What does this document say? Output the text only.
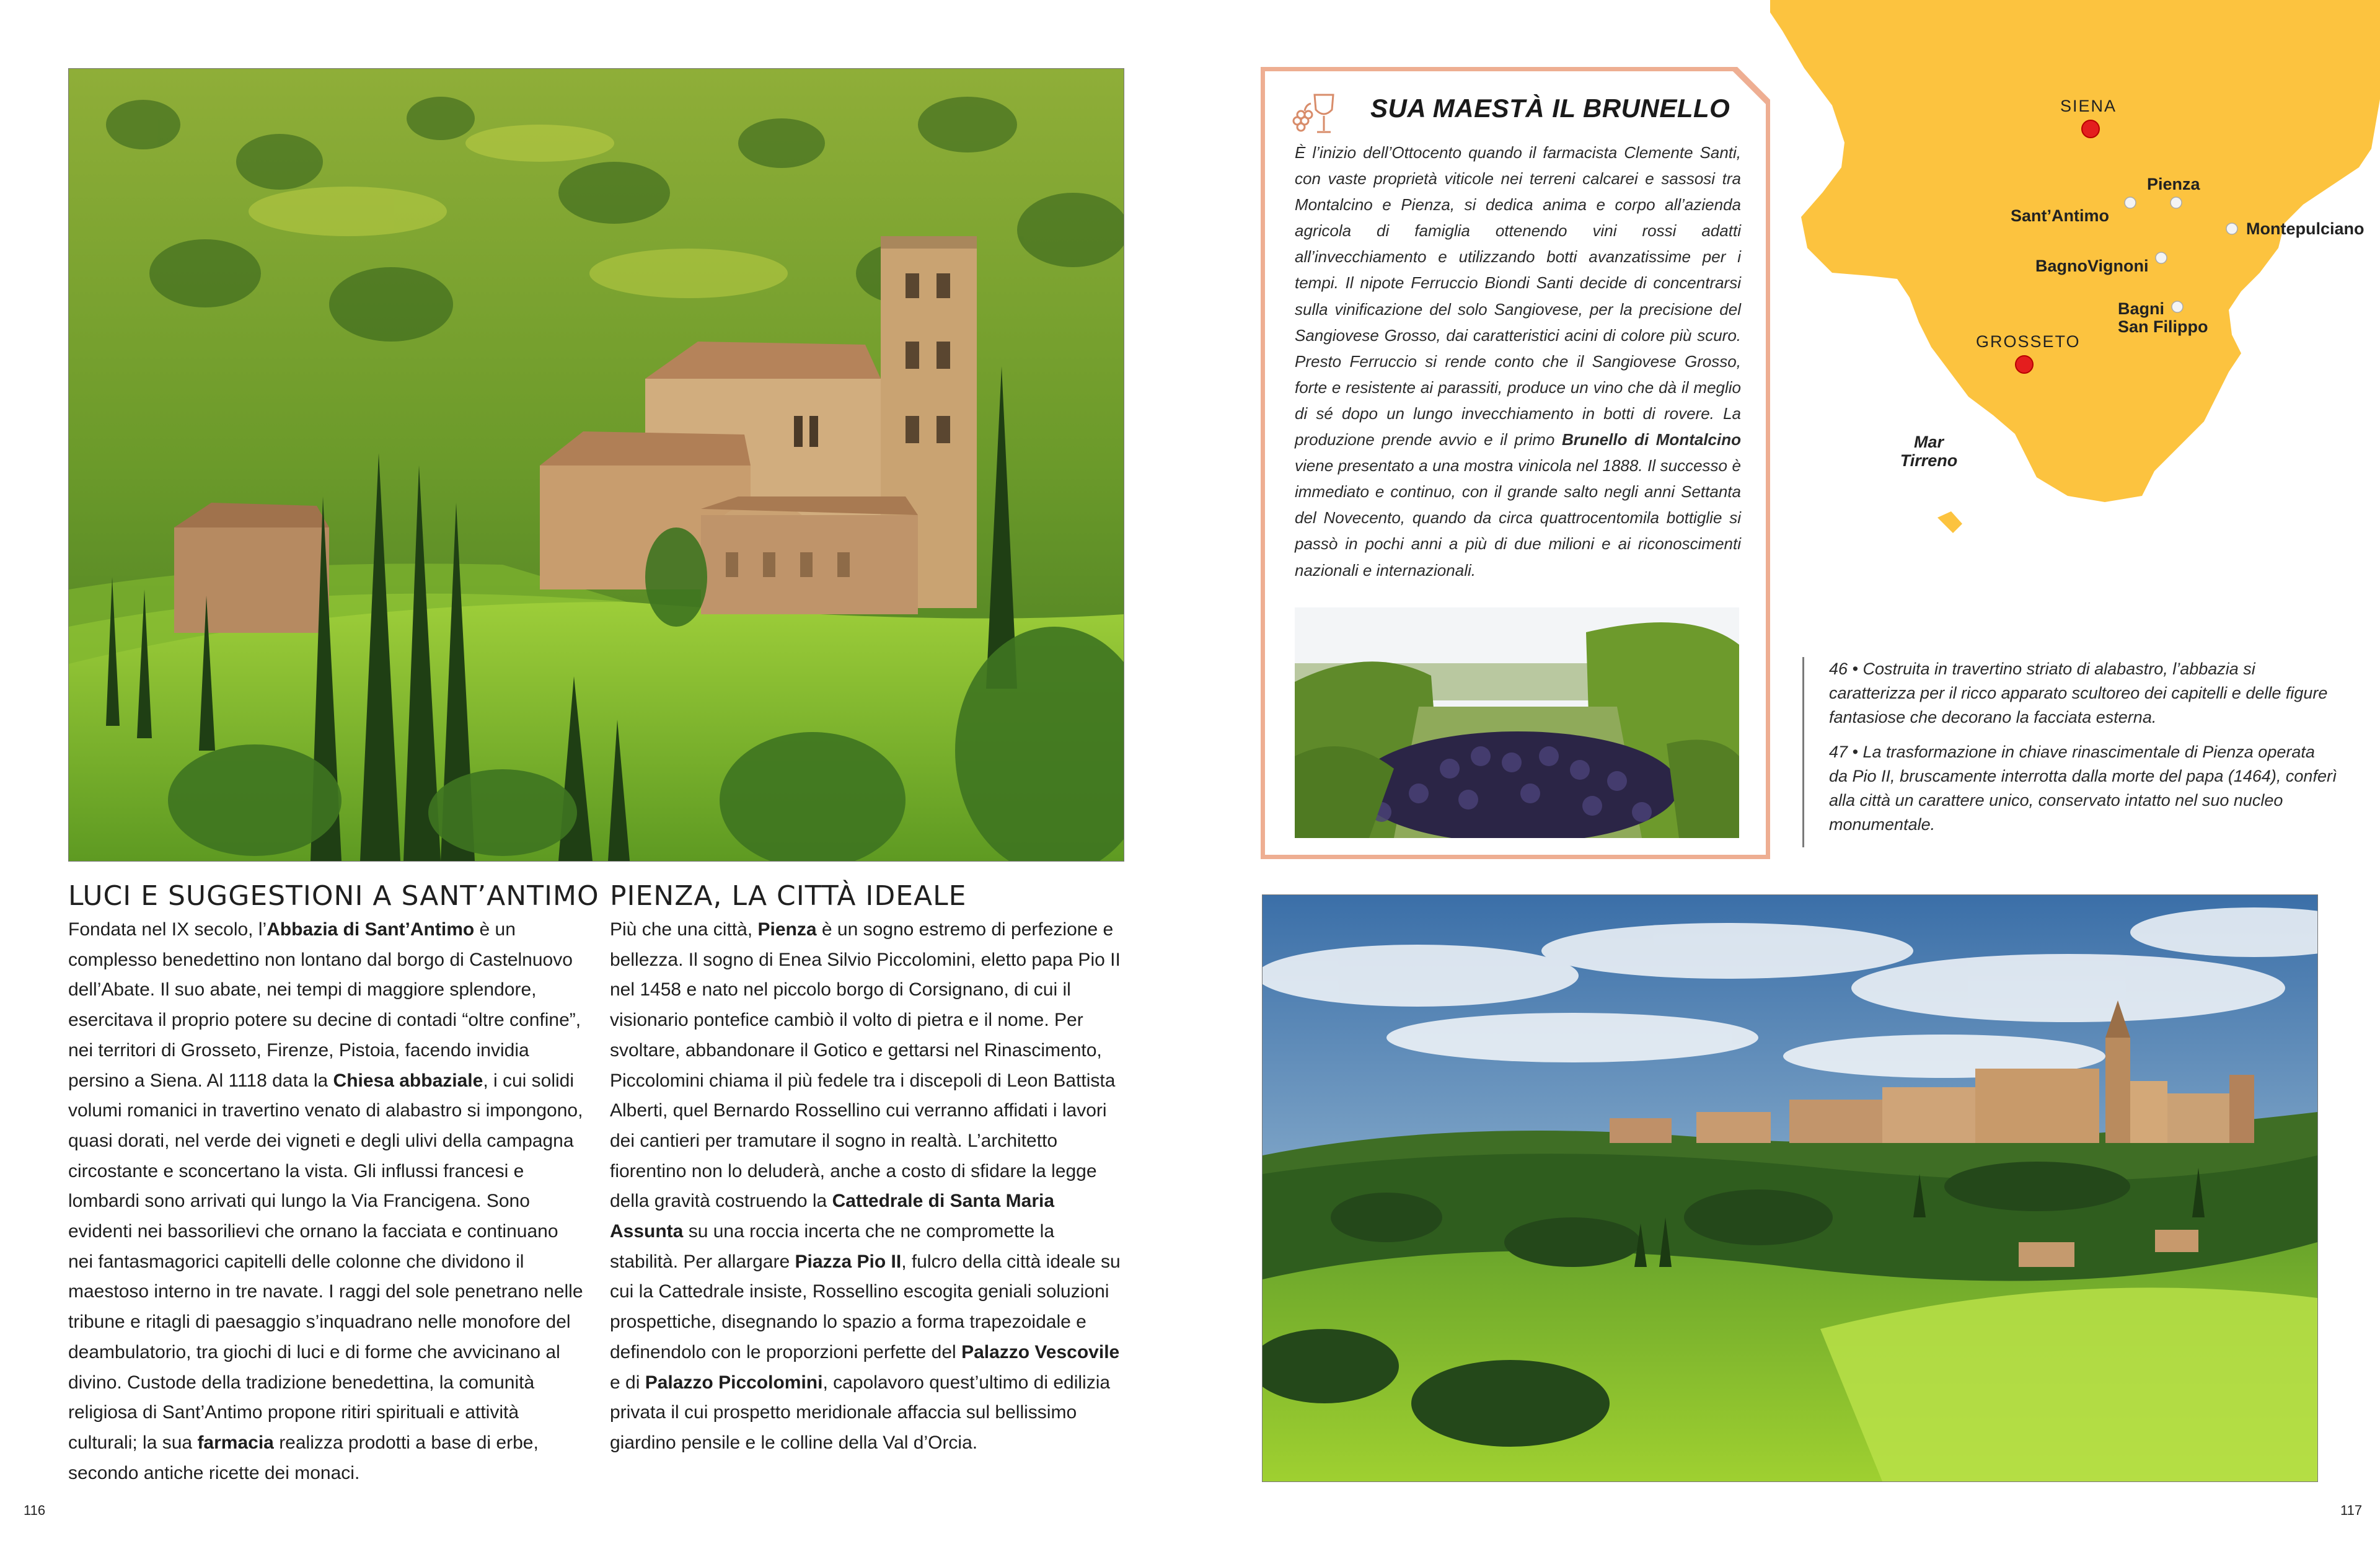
LUCI E SUGGESTIONI A SANT’ANTIMO

Fondata nel IX secolo, l’Abbazia di Sant’Antimo è un complesso benedettino non lontano dal borgo di Castelnuovo dell’Abate. Il suo abate, nei tempi di maggiore splendore, esercitava il proprio potere su decine di contadi “oltre confine”, nei territori di Grosseto, Firenze, Pistoia, facendo invidia persino a Siena. Al 1118 data la Chiesa abbaziale, i cui solidi volumi romanici in travertino venato di alabastro si impongono, quasi dorati, nel verde dei vigneti e degli ulivi della campagna circostante e sconcertano la vista. Gli influssi francesi e lombardi sono arrivati qui lungo la Via Francigena. Sono evidenti nei bassorilievi che ornano la facciata e continuano nei fantasmagorici capitelli delle colonne che dividono il maestoso interno in tre navate. I raggi del sole penetrano nelle tribune e ritagli di paesaggio s’inquadrano nelle monofore del deambulatorio, tra giochi di luci e di forme che avvicinano al divino. Custode della tradizione benedettina, la comunità religiosa di Sant’Antimo propone ritiri spirituali e attività culturali; la sua farmacia realizza prodotti a base di erbe, secondo antiche ricette dei monaci.

PIENZA, LA CITTÀ IDEALE

Più che una città, Pienza è un sogno estremo di perfezione e bellezza. Il sogno di Enea Silvio Piccolomini, eletto papa Pio II nel 1458 e nato nel piccolo borgo di Corsignano, di cui il visionario pontefice cambiò il volto di pietra e il nome. Per svoltare, abbandonare il Gotico e gettarsi nel Rinascimento, Piccolomini chiama il più fedele tra i discepoli di Leon Battista Alberti, quel Bernardo Rossellino cui verranno affidati i lavori dei cantieri per tramutare il sogno in realtà. L’architetto fiorentino non lo deluderà, anche a costo di sfidare la legge della gravità costruendo la Cattedrale di Santa Maria Assunta su una roccia incerta che ne compromette la stabilità. Per allargare Piazza Pio II, fulcro della città ideale su cui la Cattedrale insiste, Rossellino escogita geniali soluzioni prospettiche, disegnando lo spazio a forma trapezoidale e definendolo con le proporzioni perfette del Palazzo Vescovile e di Palazzo Piccolomini, capolavoro quest’ultimo di edilizia privata il cui prospetto meridionale affaccia sul bellissimo giardino pensile e le colline della Val d’Orcia.

116	117
SUA MAESTÀ IL BRUNELLO
È l’inizio dell’Ottocento quando il farmacista Clemente Santi, con vaste proprietà viticole nei terreni calcarei e sassosi tra Montalcino e Pienza, si dedica anima e corpo all’azienda agricola di famiglia ottenendo vini rossi adatti all’invecchiamento e utilizzando botti avanzatissime per i tempi. Il nipote Ferruccio Biondi Santi decide di concentrarsi sulla vinificazione del solo Sangiovese, per la precisione del Sangiovese Grosso, dai caratteristici acini di colore più scuro. Presto Ferruccio si rende conto che il Sangiovese Grosso, forte e resistente ai parassiti, produce un vino che dà il meglio di sé dopo un lungo invecchiamento in botti di rovere. La produzione prende avvio e il primo Brunello di Montalcino viene presentato a una mostra vinicola nel 1888. Il successo è immediato e continuo, con il grande salto negli anni Settanta del Novecento, quando da circa quattrocentomila bottiglie si passò in pochi anni a più di due milioni e ai riconoscimenti nazionali e internazionali.
SIENA
GROSSETO
Pienza
Sant’Antimo
Montepulciano
BagnoVignoni
Bagni
San Filippo
Mar
Tirreno

46 • Costruita in travertino striato di alabastro, l’abbazia si caratterizza per il ricco apparato scultoreo dei capitelli e delle figure fantasiose che decorano la facciata esterna.

47 • La trasformazione in chiave rinascimentale di Pienza operata da Pio II, bruscamente interrotta dalla morte del papa (1464), conferì alla città un carattere unico, conservato intatto nel suo nucleo monumentale.
